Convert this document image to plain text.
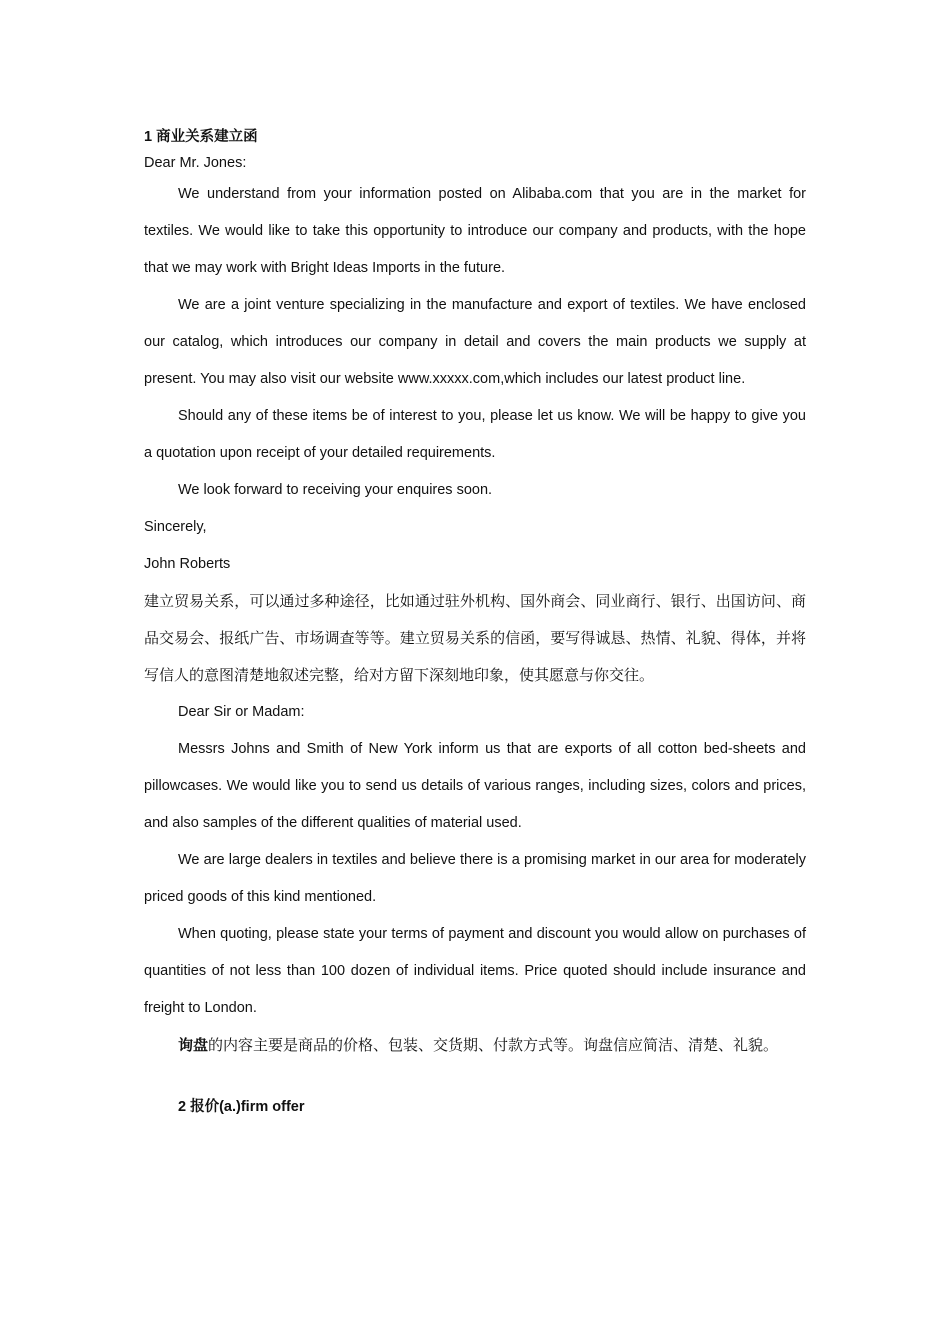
1 商业关系建立函

Dear Mr. Jones:

We understand from your information posted on Alibaba.com that you are in the market for textiles. We would like to take this opportunity to introduce our company and products, with the hope that we may work with Bright Ideas Imports in the future.

We are a joint venture specializing in the manufacture and export of textiles. We have enclosed our catalog, which introduces our company in detail and covers the main products we supply at present. You may also visit our website www.xxxxx.com,which includes our latest product line.

Should any of these items be of interest to you, please let us know. We will be happy to give you a quotation upon receipt of your detailed requirements.

We look forward to receiving your enquires soon.

Sincerely,

John Roberts

建立贸易关系，可以通过多种途径，比如通过驻外机构、国外商会、同业商行、银行、出国访问、商品交易会、报纸广告、市场调查等等。建立贸易关系的信函，要写得诚恳、热情、礼貌、得体，并将写信人的意图清楚地叙述完整，给对方留下深刻地印象，使其愿意与你交往。

Dear Sir or Madam:

Messrs Johns and Smith of New York inform us that are exports of all cotton bed-sheets and pillowcases. We would like you to send us details of various ranges, including sizes, colors and prices, and also samples of the different qualities of material used.

We are large dealers in textiles and believe there is a promising market in our area for moderately priced goods of this kind mentioned.

When quoting, please state your terms of payment and discount you would allow on purchases of quantities of not less than 100 dozen of individual items. Price quoted should include insurance and freight to London.

询盘的内容主要是商品的价格、包装、交货期、付款方式等。询盘信应简洁、清楚、礼貌。

2 报价(a.)firm offer
